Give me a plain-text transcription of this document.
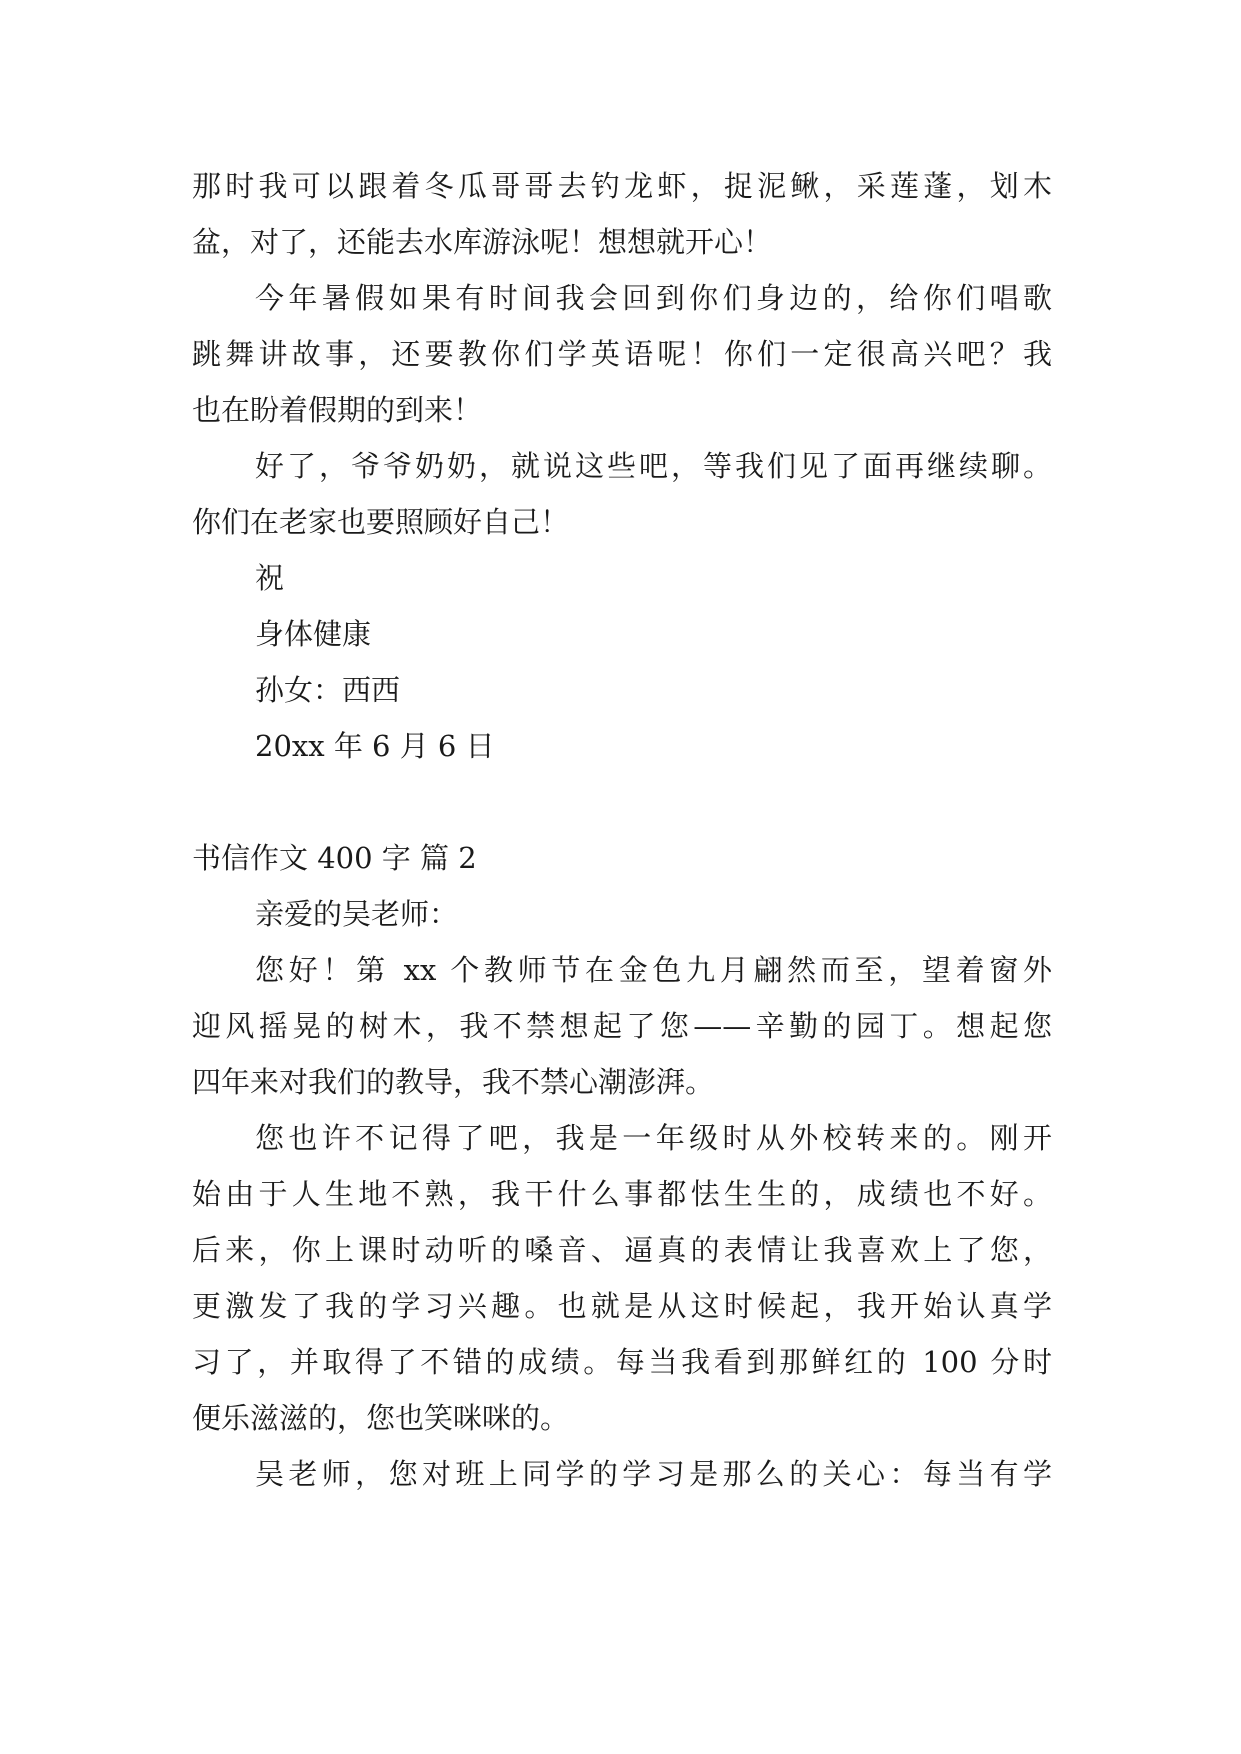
那时我可以跟着冬瓜哥哥去钓龙虾，捉泥鳅，采莲蓬，划木
盆，对了，还能去水库游泳呢！想想就开心！
今年暑假如果有时间我会回到你们身边的，给你们唱歌
跳舞讲故事，还要教你们学英语呢！你们一定很高兴吧？我
也在盼着假期的到来！
好了，爷爷奶奶，就说这些吧，等我们见了面再继续聊。
你们在老家也要照顾好自己！
祝
身体健康
孙女：西西
20xx 年 6 月 6 日
书信作文 400 字 篇 2
亲爱的吴老师：
您好！第 xx 个教师节在金色九月翩然而至，望着窗外
迎风摇晃的树木，我不禁想起了您——辛勤的园丁。想起您
四年来对我们的教导，我不禁心潮澎湃。
您也许不记得了吧，我是一年级时从外校转来的。刚开
始由于人生地不熟，我干什么事都怯生生的，成绩也不好。
后来，你上课时动听的嗓音、逼真的表情让我喜欢上了您，
更激发了我的学习兴趣。也就是从这时候起，我开始认真学
习了，并取得了不错的成绩。每当我看到那鲜红的 100 分时
便乐滋滋的，您也笑咪咪的。
吴老师，您对班上同学的学习是那么的关心：每当有学
